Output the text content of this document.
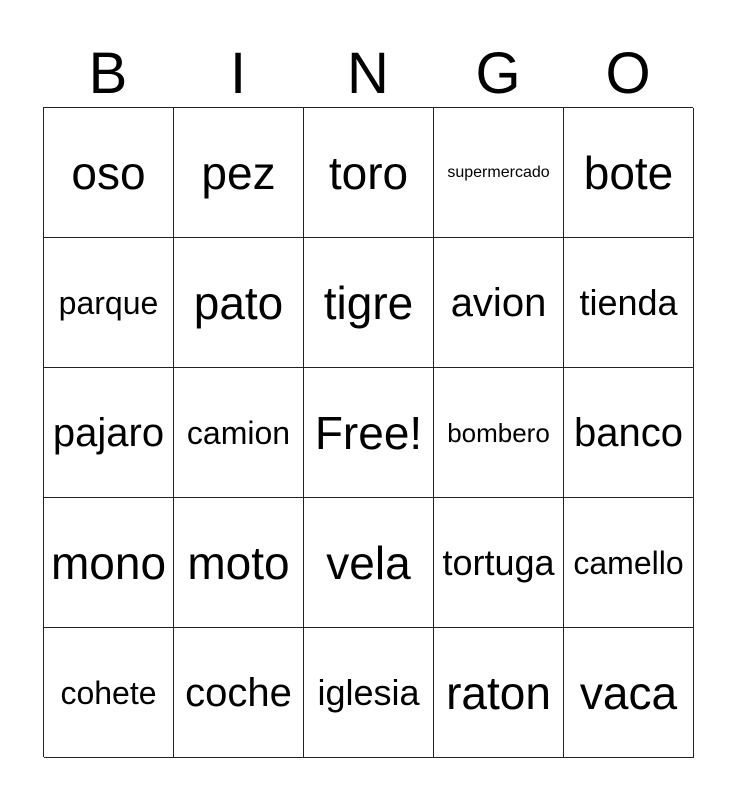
B	I	N	G	O
oso	pez	toro	supermercado bote
parque pato tigre avion tienda
pajaro camion Free! bombero banco
mono moto vela tortuga camello
cohete coche iglesia raton vaca
